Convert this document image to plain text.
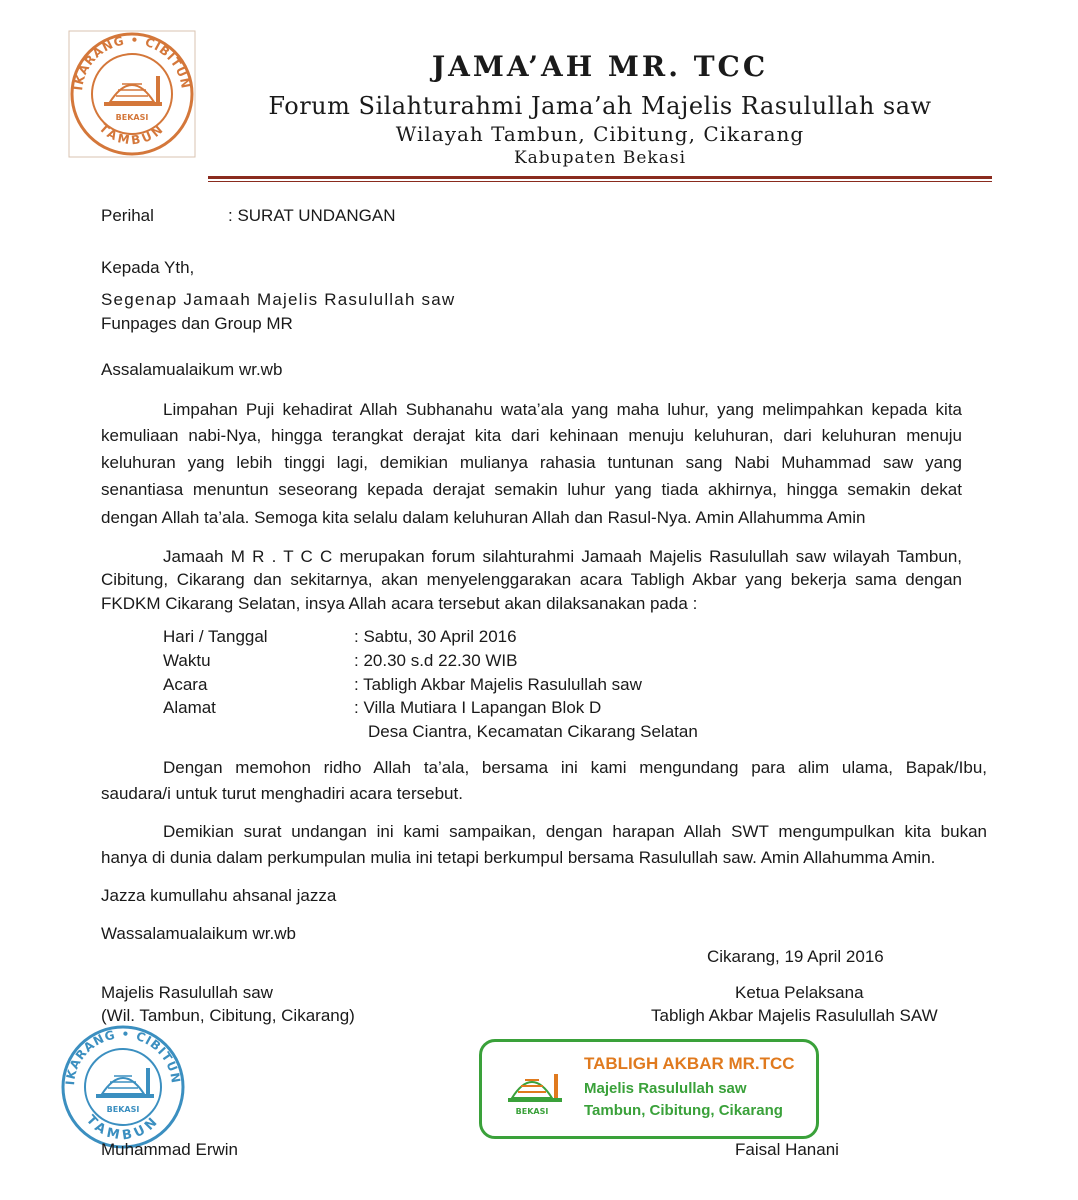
IKARANG • CIBITUN
TAMBUN
BEKASI
JAMA’AH MR. TCC
Forum Silahturahmi Jama’ah Majelis Rasulullah saw
Wilayah Tambun, Cibitung, Cikarang
Kabupaten Bekasi
Perihal	: SURAT UNDANGAN
Kepada Yth,
Segenap Jamaah Majelis Rasulullah saw
Funpages dan Group MR
Assalamualaikum wr.wb
Limpahan Puji kehadirat Allah Subhanahu wata’ala yang maha luhur, yang melimpahkan kepada kita
kemuliaan nabi-Nya, hingga terangkat derajat kita dari kehinaan menuju keluhuran, dari keluhuran menuju
keluhuran yang lebih tinggi lagi, demikian mulianya rahasia tuntunan sang Nabi Muhammad saw yang
senantiasa menuntun seseorang kepada derajat semakin luhur yang tiada akhirnya, hingga semakin dekat
dengan Allah ta’ala. Semoga kita selalu dalam keluhuran Allah dan Rasul-Nya. Amin Allahumma Amin
Jamaah M R . T C C merupakan forum silahturahmi Jamaah Majelis Rasulullah saw wilayah Tambun,
Cibitung, Cikarang dan sekitarnya, akan menyelenggarakan acara Tabligh Akbar yang bekerja sama dengan
FKDKM Cikarang Selatan, insya Allah acara tersebut akan dilaksanakan pada :
Hari / Tanggal	: Sabtu, 30 April 2016
Waktu	: 20.30 s.d 22.30 WIB
Acara	: Tabligh Akbar Majelis Rasulullah saw
Alamat	: Villa Mutiara I Lapangan Blok D
Desa Ciantra, Kecamatan Cikarang Selatan
Dengan memohon ridho Allah ta’ala, bersama ini kami mengundang para alim ulama, Bapak/Ibu,
saudara/i untuk turut menghadiri acara tersebut.
Demikian surat undangan ini kami sampaikan, dengan harapan Allah SWT mengumpulkan kita bukan
hanya di dunia dalam perkumpulan mulia ini tetapi berkumpul bersama Rasulullah saw. Amin Allahumma Amin.
Jazza kumullahu ahsanal jazza
Wassalamualaikum wr.wb
Cikarang, 19 April 2016
Majelis Rasulullah saw
(Wil. Tambun, Cibitung, Cikarang)
Ketua Pelaksana
Tabligh Akbar Majelis Rasulullah SAW
IKARANG • CIBITUN
TAMBUN
BEKASI	BEKASI
TABLIGH AKBAR MR.TCC
Majelis Rasulullah saw
Tambun, Cibitung, Cikarang
Muhammad Erwin	Faisal Hanani
